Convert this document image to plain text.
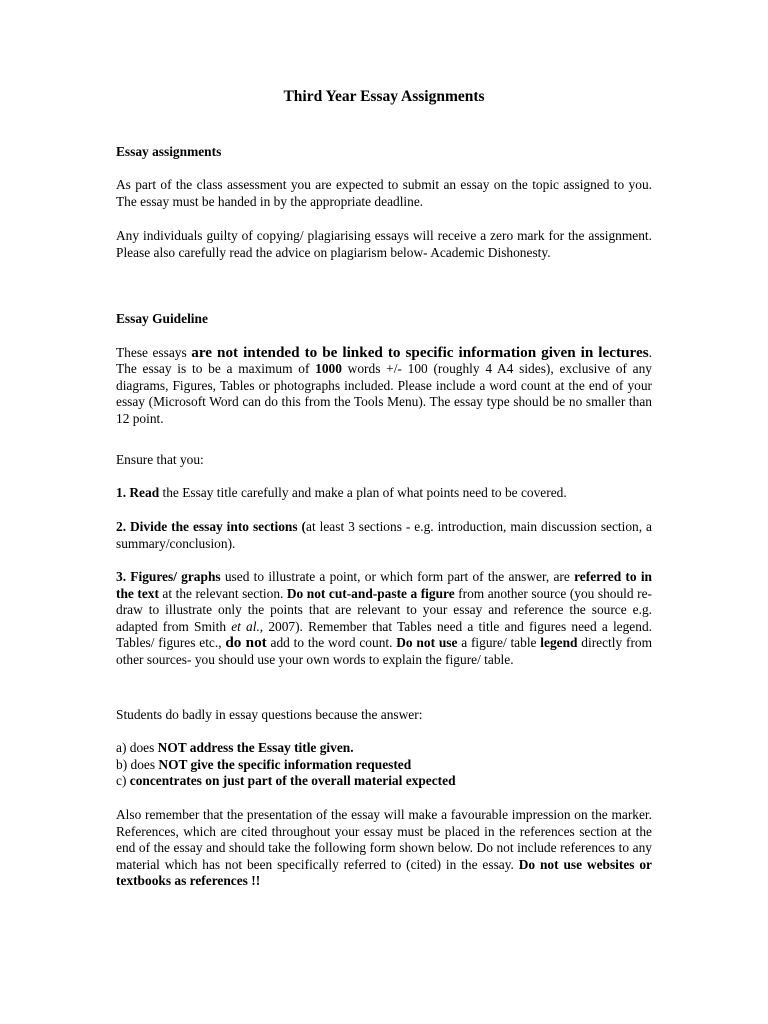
Third Year Essay Assignments

Essay assignments

As part of the class assessment you are expected to submit an essay on the topic assigned to you. The essay must be handed in by the appropriate deadline.

Any individuals guilty of copying/ plagiarising essays will receive a zero mark for the assignment. Please also carefully read the advice on plagiarism below- Academic Dishonesty.

Essay Guideline

These essays are not intended to be linked to specific information given in lectures. The essay is to be a maximum of 1000 words +/- 100 (roughly 4 A4 sides), exclusive of any diagrams, Figures, Tables or photographs included. Please include a word count at the end of your essay (Microsoft Word can do this from the Tools Menu). The essay type should be no smaller than 12 point.

Ensure that you:

1. Read the Essay title carefully and make a plan of what points need to be covered.

2. Divide the essay into sections (at least 3 sections - e.g. introduction, main discussion section, a summary/conclusion).

3. Figures/ graphs used to illustrate a point, or which form part of the answer, are referred to in the text at the relevant section. Do not cut-and-paste a figure from another source (you should re-draw to illustrate only the points that are relevant to your essay and reference the source e.g. adapted from Smith et al., 2007). Remember that Tables need a title and figures need a legend. Tables/ figures etc., do not add to the word count. Do not use a figure/ table legend directly from other sources- you should use your own words to explain the figure/ table.

Students do badly in essay questions because the answer:

a) does NOT address the Essay title given.
b) does NOT give the specific information requested
c) concentrates on just part of the overall material expected

Also remember that the presentation of the essay will make a favourable impression on the marker. References, which are cited throughout your essay must be placed in the references section at the end of the essay and should take the following form shown below. Do not include references to any material which has not been specifically referred to (cited) in the essay. Do not use websites or textbooks as references !!
